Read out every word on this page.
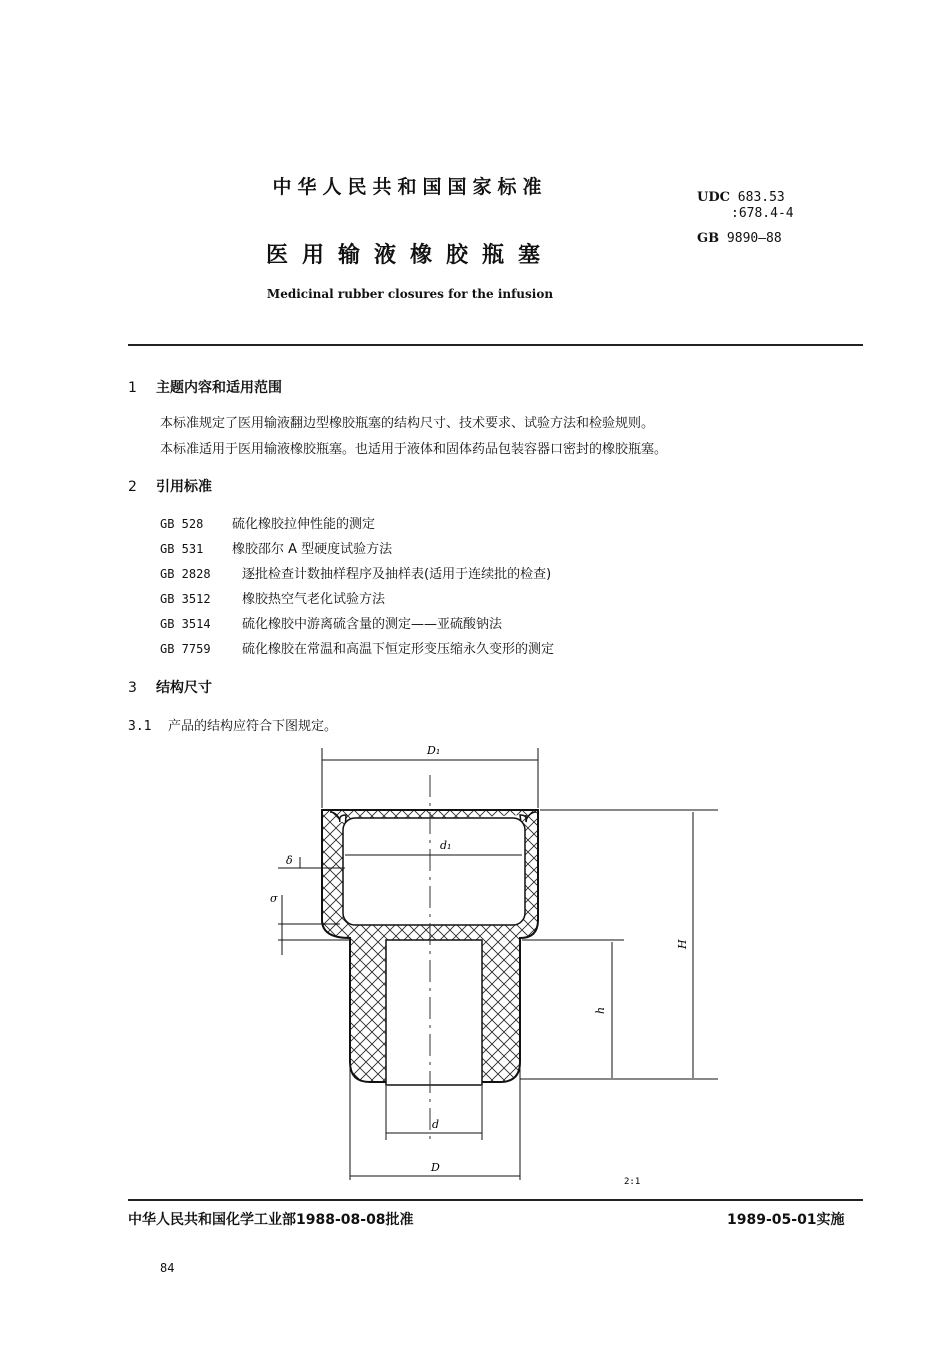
中华人民共和国国家标准
医用输液橡胶瓶塞
Medicinal rubber closures for the infusion
UDC 683.53
:678.4-4
GB 9890—88
1 主题内容和适用范围
本标准规定了医用输液翻边型橡胶瓶塞的结构尺寸、技术要求、试验方法和检验规则。
本标准适用于医用输液橡胶瓶塞。也适用于液体和固体药品包装容器口密封的橡胶瓶塞。
2 引用标准
GB 528 硫化橡胶拉伸性能的测定
GB 531 橡胶邵尔 A 型硬度试验方法
GB 2828 逐批检查计数抽样程序及抽样表(适用于连续批的检查)
GB 3512 橡胶热空气老化试验方法
GB 3514 硫化橡胶中游离硫含量的测定——亚硫酸钠法
GB 7759 硫化橡胶在常温和高温下恒定形变压缩永久变形的测定
3 结构尺寸
3.1 产品的结构应符合下图规定。
D₁
d₁
δ
σ
H
h
d
D
2:1
中华人民共和国化学工业部1988-08-08批准	1989-05-01实施
84
